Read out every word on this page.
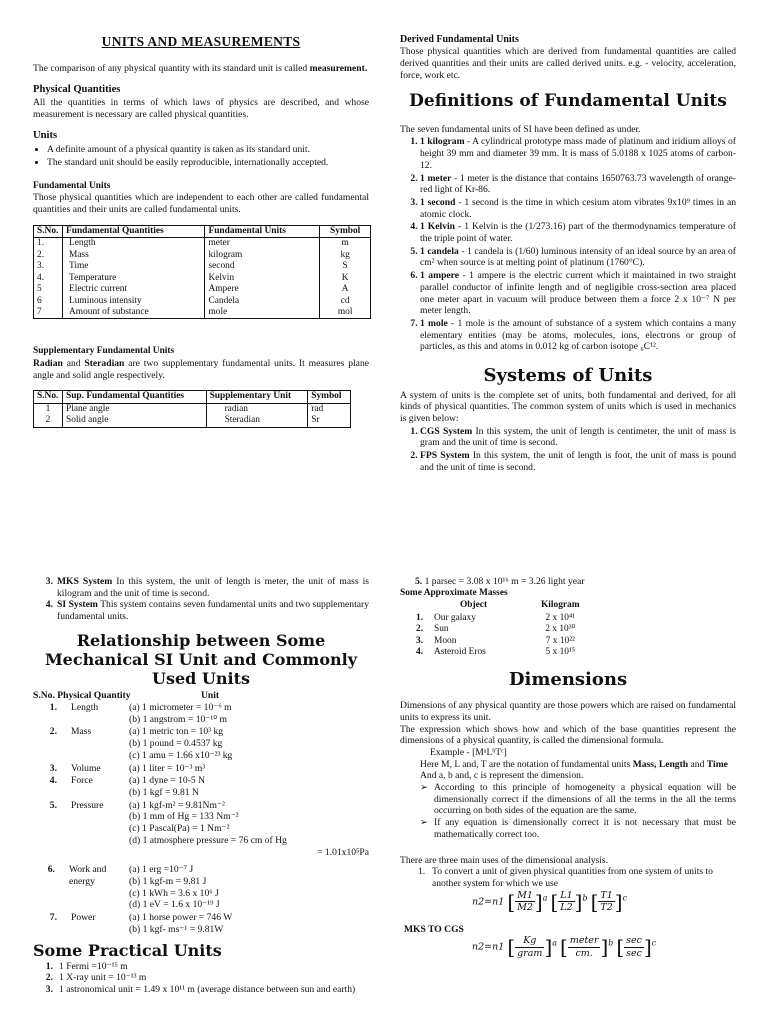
UNITS AND MEASUREMENTS

The comparison of any physical quantity with its standard unit is called measurement.

Physical Quantities

All the quantities in terms of which laws of physics are described, and whose measurement is necessary are called physical quantities.

Units
• A definite amount of a physical quantity is taken as its standard unit.
• The standard unit should be easily reproducible, internationally accepted.
Fundamental Units

Those physical quantities which are independent to each other are called fundamental quantities and their units are called fundamental units.

S.No.	Fundamental Quantities	Fundamental Units	Symbol
1.	Length	meter	m
2.	Mass	kilogram	kg
3.	Time	second	S
4.	Temperature	Kelvin	K
5	Electric current	Ampere	A
6	Luminous intensity	Candela	cd
7	Amount of substance	mole	mol
Supplementary Fundamental Units

Radian and Steradian are two supplementary fundamental units. It measures plane angle and solid angle respectively.

S.No.	Sup. Fundamental Quantities	Supplementary Unit	Symbol
1	Plane angle	radian	rad
2	Solid angle	Steradian	Sr
Derived Fundamental Units

Those physical quantities which are derived from fundamental quantities are called derived quantities and their units are called derived units. e.g. - velocity, acceleration, force, work etc.

Definitions of Fundamental Units

The seven fundamental units of SI have been defined as under.

1. 1 kilogram - A cylindrical prototype mass made of platinum and iridium alloys of height 39 mm and diameter 39 mm. It is mass of 5.0188 x 1025 atoms of carbon-12.
2. 1 meter - 1 meter is the distance that contains 1650763.73 wavelength of orange-red light of Kr-86.
3. 1 second - 1 second is the time in which cesium atom vibrates 9x10⁹ times in an atomic clock.
4. 1 Kelvin - 1 Kelvin is the (1/273.16) part of the thermodynamics temperature of the triple point of water.
5. 1 candela - 1 candela is (1/60) luminous intensity of an ideal source by an area of cm² when source is at melting point of platinum (1760°C).
6. 1 ampere - 1 ampere is the electric current which it maintained in two straight parallel conductor of infinite length and of negligible cross-section area placed one meter apart in vacuum will produce between them a force 2 x 10⁻⁷ N per meter length.
7. 1 mole - 1 mole is the amount of substance of a system which contains a many elementary entities (may be atoms, molecules, ions, electrons or group of particles, as this and atoms in 0.012 kg of carbon isotope ₆C¹².
Systems of Units

A system of units is the complete set of units, both fundamental and derived, for all kinds of physical quantities. The common system of units which is used in mechanics is given below:

1. CGS System In this system, the unit of length is centimeter, the unit of mass is gram and the unit of time is second.
2. FPS System In this system, the unit of length is foot, the unit of mass is pound and the unit of time is second.
3. MKS System In this system, the unit of length is meter, the unit of mass is kilogram and the unit of time is second.
4. SI System This system contains seven fundamental units and two supplementary fundamental units.
Relationship between Some Mechanical SI Unit and Commonly Used Units
S.No. Physical Quantity	Unit
1.	Length	(a) 1 micrometer = 10⁻⁶ m
(b) 1 angstrom = 10⁻¹⁰ m
2.	Mass	(a) 1 metric ton = 10³ kg
(b) 1 pound = 0.4537 kg
(c) 1 amu = 1.66 x10⁻²³ kg
3.	Volume	(a) 1 liter = 10⁻³ m³
4.	Force	(a) 1 dyne = 10-5 N
(b) 1 kgf = 9.81 N
5.	Pressure	(a) 1 kgf-m² = 9.81Nm⁻²
(b) 1 mm of Hg = 133 Nm⁻²
(c) 1 Pascal(Pa) = 1 Nm⁻²
(d) 1 atmosphere pressure = 76 cm of Hg
= 1.01x10⁵Pa
6.	Work and energy
(a) 1 erg =10⁻⁷ J
(b) 1 kgf-m = 9.81 J
(c) 1 kWh = 3.6 x 10⁶ J
(d) 1 eV = 1.6 x 10⁻¹⁹ J
7.	Power	(a) 1 horse power = 746 W
(b) 1 kgf- ms⁻¹ = 9.81W
Some Practical Units
1. 1 Fermi =10⁻¹⁵ m
2. 1 X-ray unit = 10⁻¹³ m
3. 1 astronomical unit = 1.49 x 10¹¹ m (average distance between sun and earth)
5. 1 parsec = 3.08 x 10¹⁶ m = 3.26 light year
Some Approximate Masses
	Object	Kilogram
1.	Our galaxy	2 x 10⁴¹
2.	Sun	2 x 10³⁰
3.	Moon	7 x 10²²
4.	Asteroid Eros	5 x 10¹⁵
Dimensions

Dimensions of any physical quantity are those powers which are raised on fundamental units to express its unit.

The expression which shows how and which of the base quantities represent the dimensions of a physical quantity, is called the dimensional formula.

Example - [MᵃLᵇTᶜ]
Here M, L and, T are the notation of fundamental units Mass, Length and Time
And a, b and, c is represent the dimension.
➢ According to this principle of homogeneity a physical equation will be dimensionally correct if the dimensions of all the terms in the all the terms occurring on both sides of the equation are the same.
➢ If any equation is dimensionally correct it is not necessary that must be mathematically correct too.

There are three main uses of the dimensional analysis.

1. To convert a unit of given physical quantities from one system of units to another system for which we use
n2=n1 [ $\frac{M1}{M2} ]^a$ [ $\frac{L1}{L2} ]^b$ [ $\frac{T1}{T2} ]^c$
MKS TO CGS
n2=n1 [ $\frac{Kg}{\text{gram}} ]^a$ [ $\frac{\text{meter}}{cm.} ]^b$ [ $\frac{\sec}{\sec} ]^c$
